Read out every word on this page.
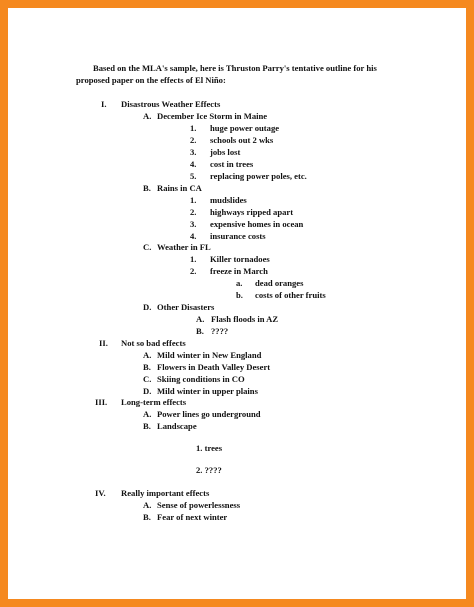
Based on the MLA's sample, here is Thruston Parry's tentative outline for his
proposed paper on the effects of El Niño:
I. Disastrous Weather Effects
A. December Ice Storm in Maine
1. huge power outage
2. schools out 2 wks
3. jobs lost
4. cost in trees
5. replacing power poles, etc.
B. Rains in CA
1. mudslides
2. highways ripped apart
3. expensive homes in ocean
4. insurance costs
C. Weather in FL
1. Killer tornadoes
2. freeze in March
a. dead oranges
b. costs of other fruits
D. Other Disasters
A. Flash floods in AZ
B. ????
II. Not so bad effects
A. Mild winter in New England
B. Flowers in Death Valley Desert
C. Skiing conditions in CO
D. Mild winter in upper plains
III. Long-term effects
A. Power lines go underground
B. Landscape
1. trees
2. ????
IV. Really important effects
A. Sense of powerlessness
B. Fear of next winter
